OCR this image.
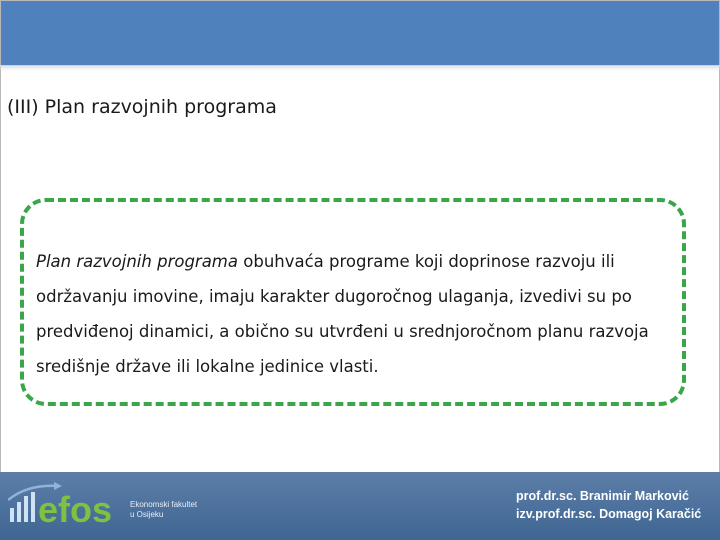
(III) Plan razvojnih programa
Plan razvojnih programa obuhvaća programe koji doprinose razvoju ili održavanju imovine, imaju karakter dugoročnog ulaganja, izvedivi su po predviđenoj dinamici, a obično su utvrđeni u srednjoročnom planu razvoja središnje države ili lokalne jedinice vlasti.
efos Ekonomski fakultet
u Osijeku
prof.dr.sc. Branimir Marković
izv.prof.dr.sc. Domagoj Karačić
